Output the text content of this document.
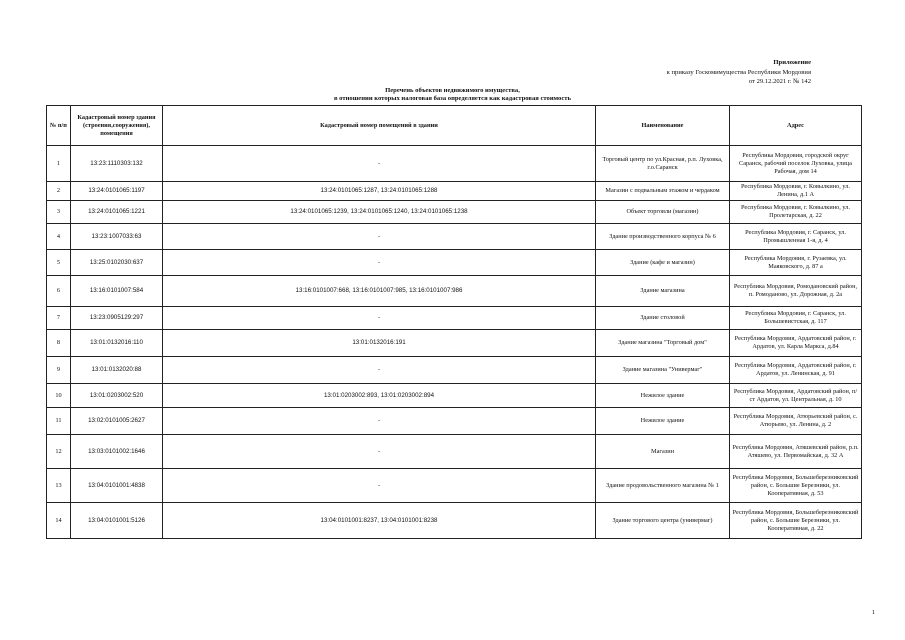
Приложение
к приказу Госкомимущества Республики Мордовия
от 29.12.2021 г. № 142
Перечень объектов недвижимого имущества,
в отношении которых налоговая база определяется как кадастровая стоимость
№ п/п	Кадастровый номер здания (строения,сооружения), помещения	Кадастровый номер помещений в здании	Наименование	Адрес
1	13:23:1110303:132	-	Торговый центр по ул.Красная, р.п. Луховка, г.о.Саранск	Республика Мордовия, городской округ Саранск, рабочий поселок Луховка, улица Рабочая, дом 14
2	13:24:0101065:1197	13:24:0101065:1287, 13:24:0101065:1288	Магазин с подвальным этажом и чердаком	Республика Мордовия, г. Ковылкино, ул. Ленина, д.1 А
3	13:24:0101065:1221	13:24:0101065:1239, 13:24:0101065:1240, 13:24:0101065:1238	Объект торговли (магазин)	Республика Мордовия, г. Ковылкино, ул. Пролетарская, д. 22
4	13:23:1007033:63	-	Здание производственного корпуса № 6	Республика Мордовия, г. Саранск, ул. Промышленная 1-я, д. 4
5	13:25:0102030:637	-	Здание (кафе и магазин)	Республика Мордовия, г. Рузаевка, ул. Маяковского, д. 87 а
6	13:16:0101007:584	13:16:0101007:668, 13:16:0101007:985, 13:16:0101007:986	Здание магазина	Республика Мордовия, Ромодановский район, п. Ромоданово, ул. Дорожная, д. 2а
7	13:23:0905129:297	-	Здание столовой	Республика Мордовия, г. Саранск, ул. Большевистская, д. 117
8	13:01:0132016:110	13:01:0132016:191	Здание магазина "Торговый дом"	Республика Мордовия, Ардатовский район, г. Ардатов, ул. Карла Маркса, д.84
9	13:01:0132020:88	-	Здание магазина "Универмаг"	Республика Мордовия, Ардатовский район, г. Ардатов, ул. Ленинская, д. 91
10	13:01:0203002:520	13:01:0203002:893, 13:01:0203002:894	Нежилое здание	Республика Мордовия, Ардатовский район, п/ст Ардатов, ул. Центральная, д. 10
11	13:02:0101005:2627	-	Нежилое здание	Республика Мордовия, Атюрьевский район, с. Атюрьево, ул. Ленина, д. 2
12	13:03:0101002:1646	-	Магазин	Республика Мордовия, Атяшевский район, р.п. Атяшево, ул. Первомайская, д. 32 А
13	13:04:0101001:4838	-	Здание продовольственного магазина № 1	Республика Мордовия, Большеберезниковский район, с. Большие Березники, ул. Кооперативная, д. 53
14	13:04:0101001:5126	13:04:0101001:8237, 13:04:0101001:8238	Здание торгового центра (универмаг)	Республика Мордовия, Большеберезниковский район, с. Большие Березники, ул. Кооперативная, д. 22
1
